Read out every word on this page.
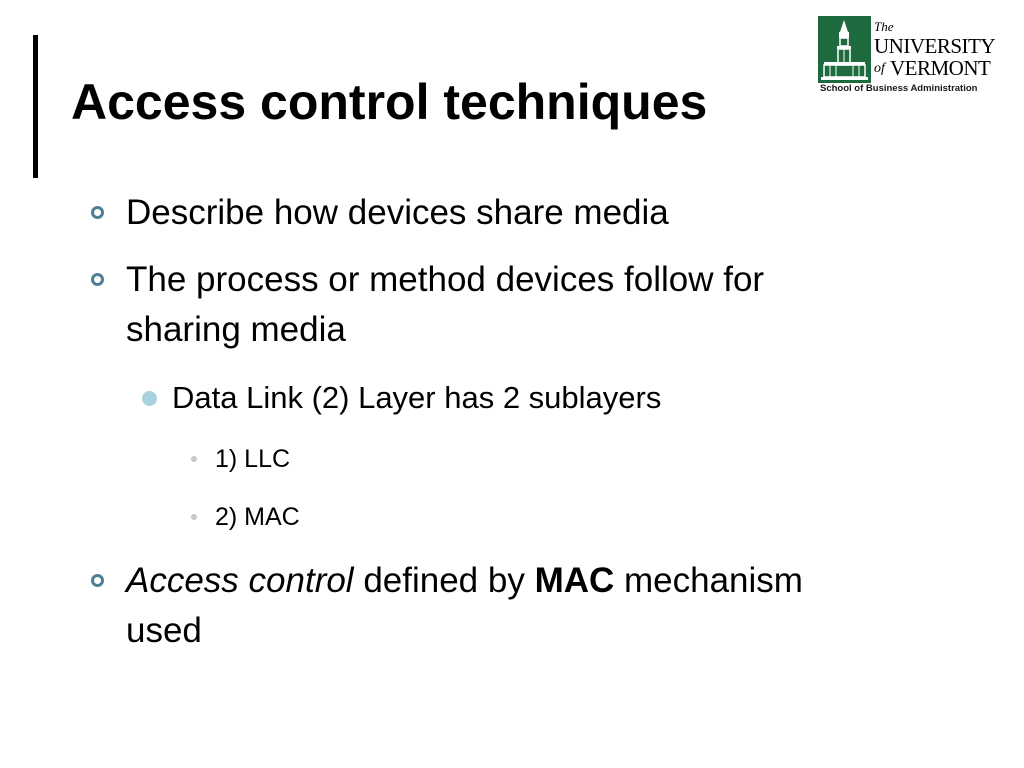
Access control techniques
The
UNIVERSITY
of VERMONT
School of Business Administration
Describe how devices share media
The process or method devices follow for
sharing media
Data Link (2) Layer has 2 sublayers
1) LLC
2) MAC
Access control defined by MAC mechanism
used
